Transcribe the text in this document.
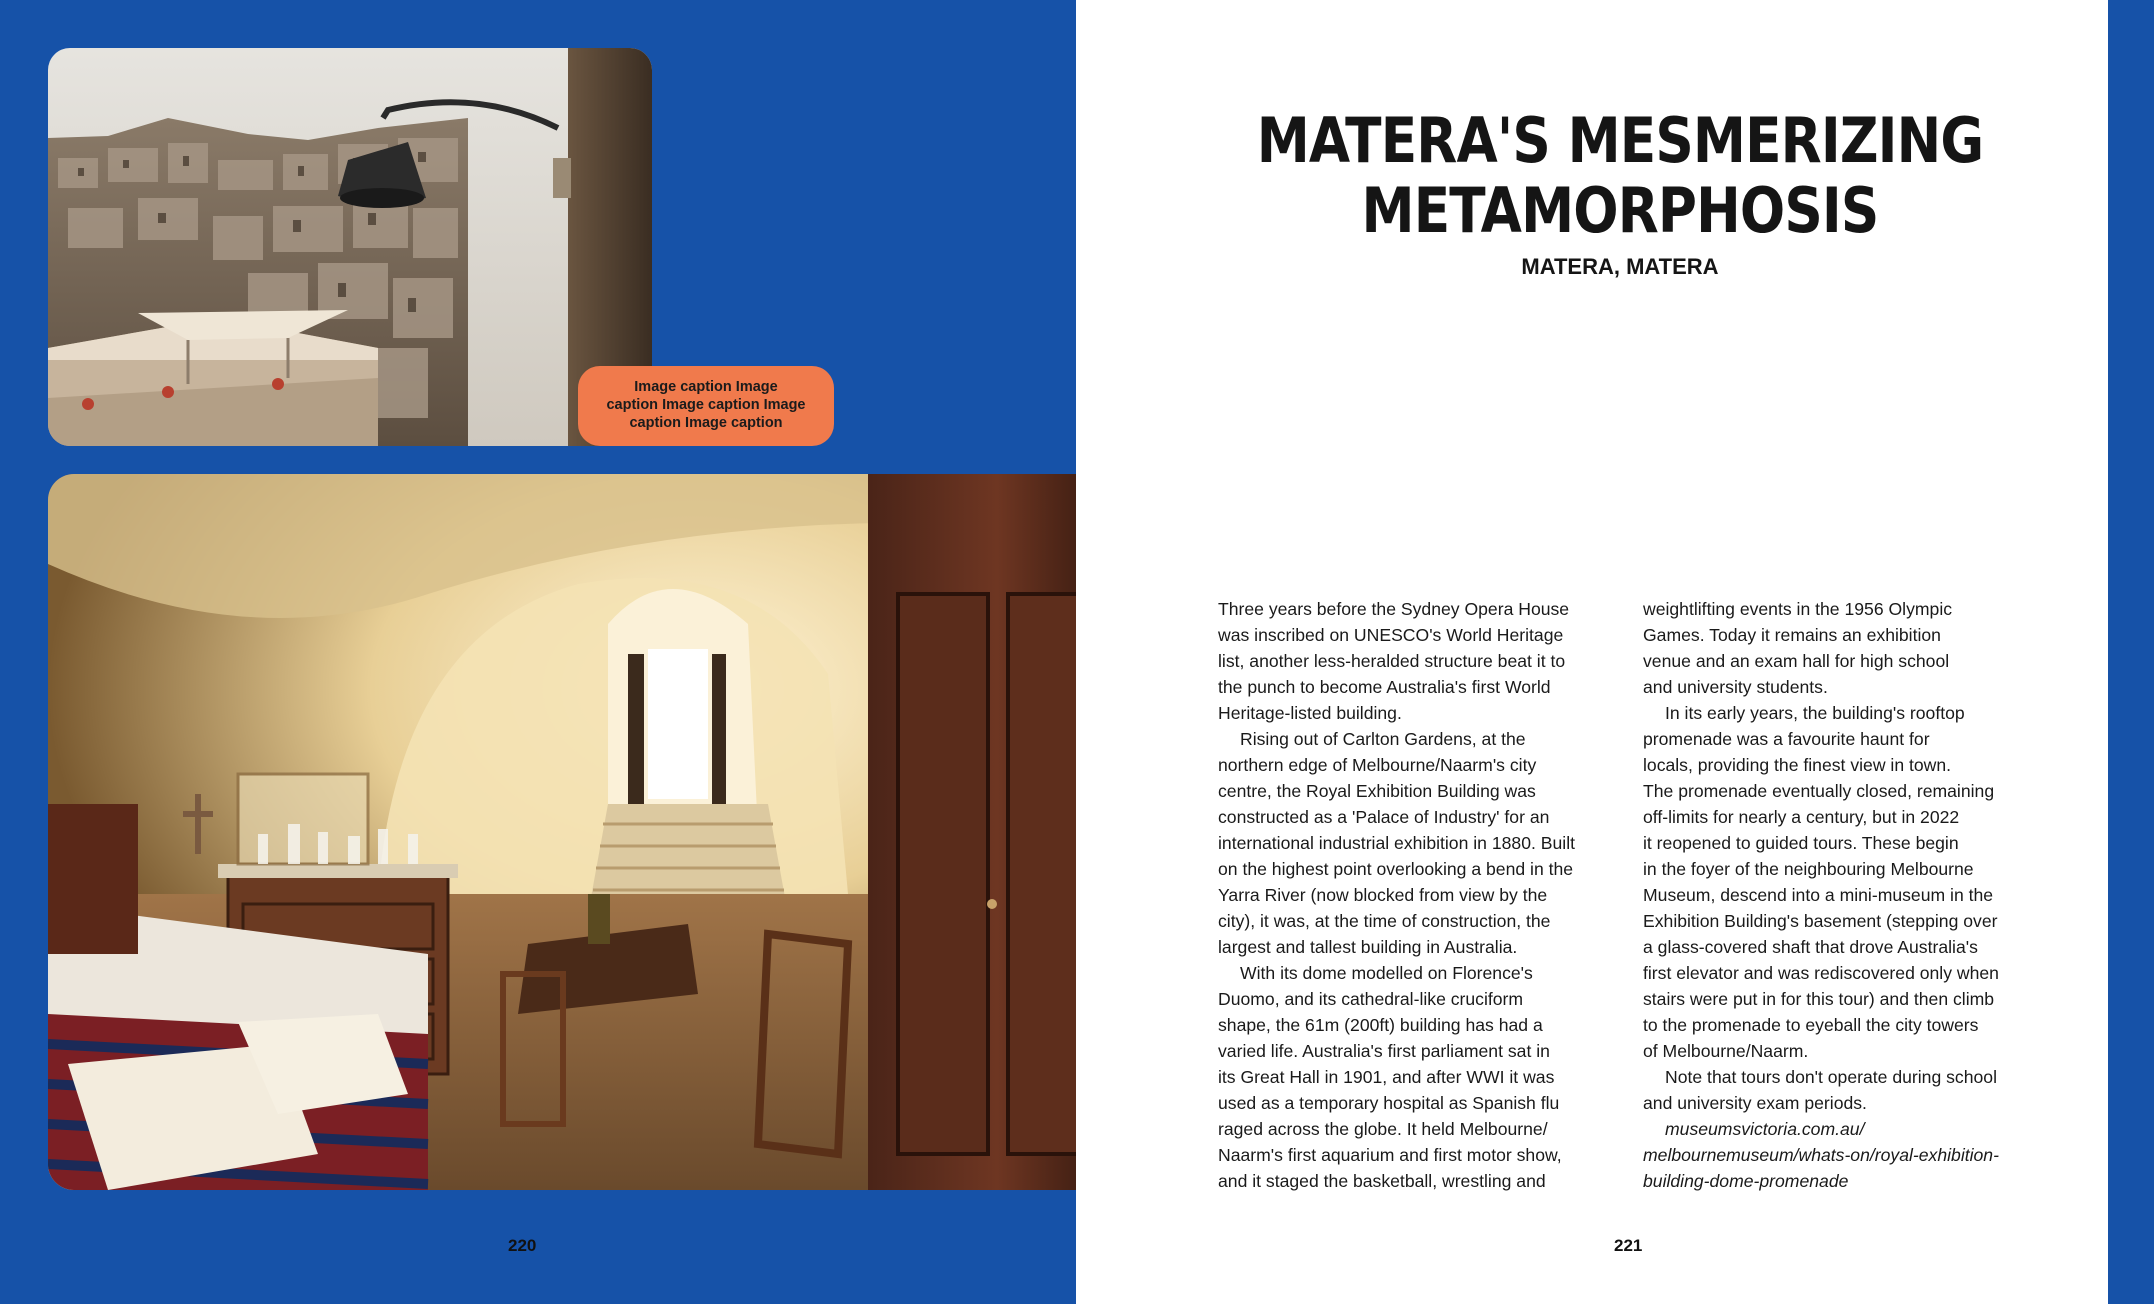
Image caption Image
caption Image caption Image
caption Image caption
220
MATERA'S MESMERIZING
METAMORPHOSIS
MATERA, MATERA
Three years before the Sydney Opera House
was inscribed on UNESCO's World Heritage
list, another less-heralded structure beat it to
the punch to become Australia's first World
Heritage-listed building.
Rising out of Carlton Gardens, at the
northern edge of Melbourne/Naarm's city
centre, the Royal Exhibition Building was
constructed as a 'Palace of Industry' for an
international industrial exhibition in 1880. Built
on the highest point overlooking a bend in the
Yarra River (now blocked from view by the
city), it was, at the time of construction, the
largest and tallest building in Australia.
With its dome modelled on Florence's
Duomo, and its cathedral-like cruciform
shape, the 61m (200ft) building has had a
varied life. Australia's first parliament sat in
its Great Hall in 1901, and after WWI it was
used as a temporary hospital as Spanish flu
raged across the globe. It held Melbourne/
Naarm's first aquarium and first motor show,
and it staged the basketball, wrestling and
weightlifting events in the 1956 Olympic
Games. Today it remains an exhibition
venue and an exam hall for high school
and university students.
In its early years, the building's rooftop
promenade was a favourite haunt for
locals, providing the finest view in town.
The promenade eventually closed, remaining
off-limits for nearly a century, but in 2022
it reopened to guided tours. These begin
in the foyer of the neighbouring Melbourne
Museum, descend into a mini-museum in the
Exhibition Building's basement (stepping over
a glass-covered shaft that drove Australia's
first elevator and was rediscovered only when
stairs were put in for this tour) and then climb
to the promenade to eyeball the city towers
of Melbourne/Naarm.
Note that tours don't operate during school
and university exam periods.
museumsvictoria.com.au/
melbournemuseum/whats-on/royal-exhibition-
building-dome-promenade
221
